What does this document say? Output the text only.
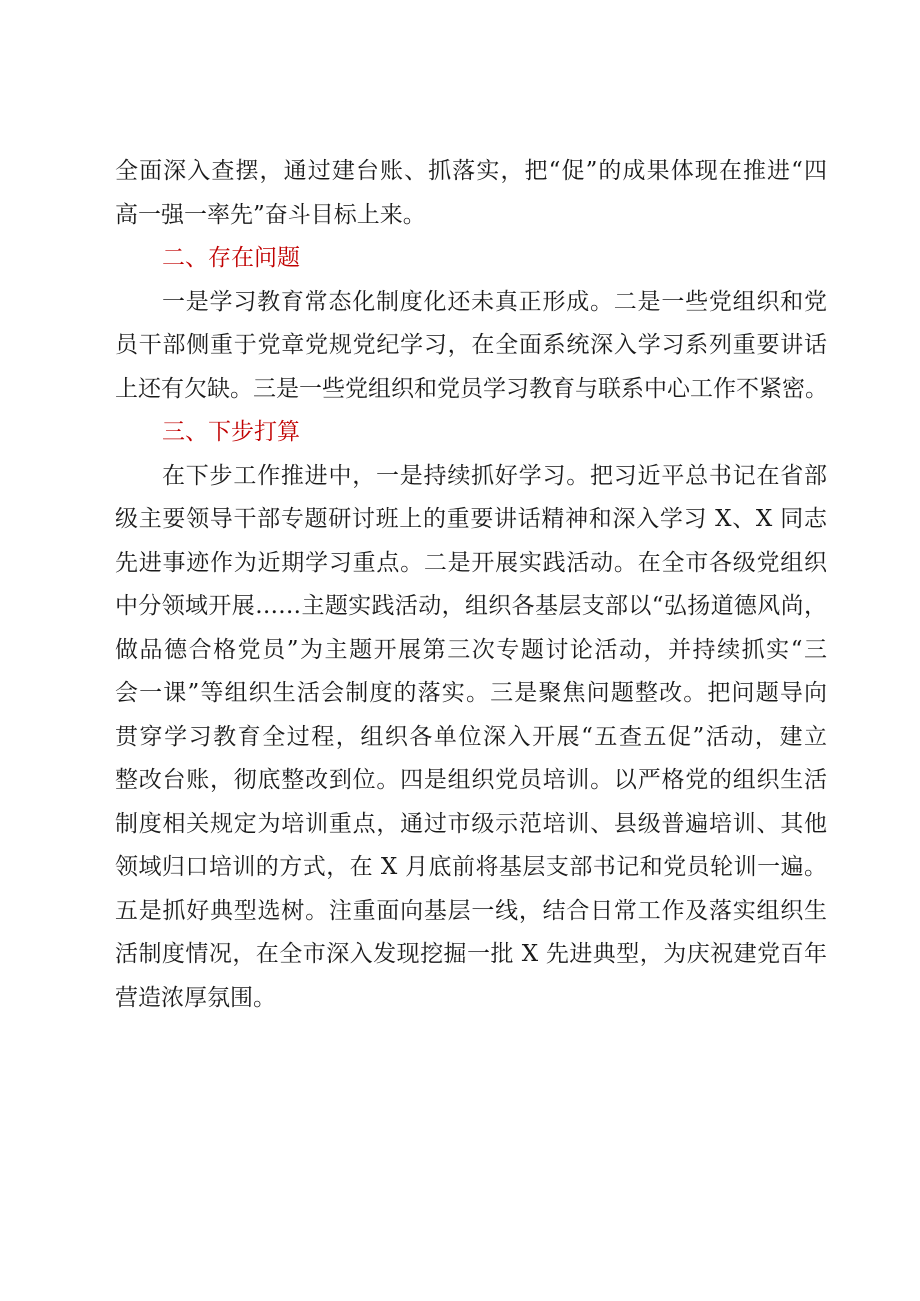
全面深入查摆，通过建台账、抓落实，把“促”的成果体现在推进“四
高一强一率先”奋斗目标上来。
二、存在问题
一是学习教育常态化制度化还未真正形成。二是一些党组织和党
员干部侧重于党章党规党纪学习，在全面系统深入学习系列重要讲话
上还有欠缺。三是一些党组织和党员学习教育与联系中心工作不紧密。
三、下步打算
在下步工作推进中，一是持续抓好学习。把习近平总书记在省部
级主要领导干部专题研讨班上的重要讲话精神和深入学习 X、X 同志
先进事迹作为近期学习重点。二是开展实践活动。在全市各级党组织
中分领域开展……主题实践活动，组织各基层支部以“弘扬道德风尚，
做品德合格党员”为主题开展第三次专题讨论活动，并持续抓实“三
会一课”等组织生活会制度的落实。三是聚焦问题整改。把问题导向
贯穿学习教育全过程，组织各单位深入开展“五查五促”活动，建立
整改台账，彻底整改到位。四是组织党员培训。以严格党的组织生活
制度相关规定为培训重点，通过市级示范培训、县级普遍培训、其他
领域归口培训的方式，在 X 月底前将基层支部书记和党员轮训一遍。
五是抓好典型选树。注重面向基层一线，结合日常工作及落实组织生
活制度情况，在全市深入发现挖掘一批 X 先进典型，为庆祝建党百年
营造浓厚氛围。
